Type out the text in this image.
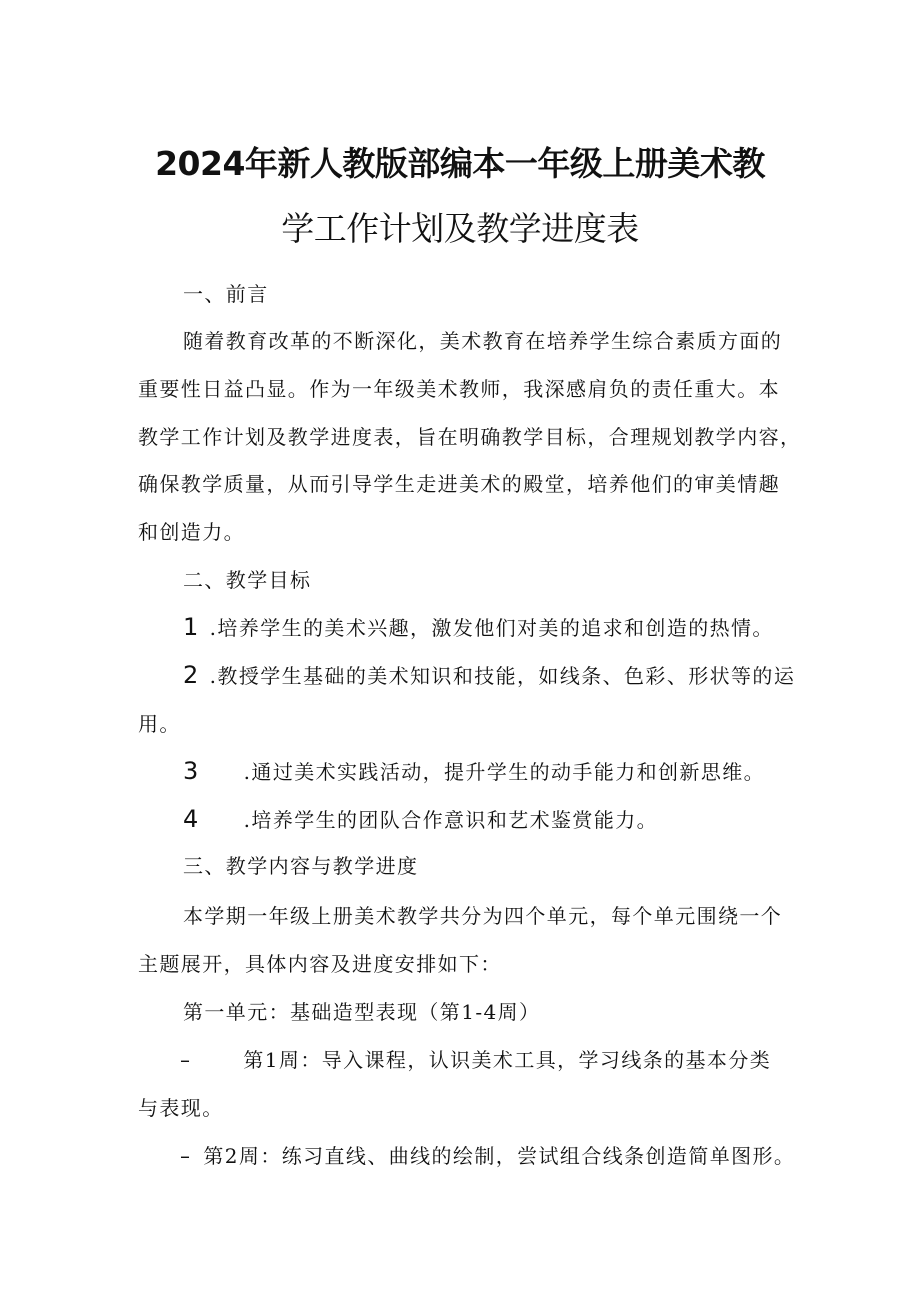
2024年新人教版部编本一年级上册美术教
学工作计划及教学进度表
一、前言
随着教育改革的不断深化，美术教育在培养学生综合素质方面的
重要性日益凸显。作为一年级美术教师，我深感肩负的责任重大。本
教学工作计划及教学进度表，旨在明确教学目标，合理规划教学内容，
确保教学质量，从而引导学生走进美术的殿堂，培养他们的审美情趣
和创造力。
二、教学目标
1 .培养学生的美术兴趣，激发他们对美的追求和创造的热情。
2 .教授学生基础的美术知识和技能，如线条、色彩、形状等的运
用。
3 .通过美术实践活动，提升学生的动手能力和创新思维。
4 .培养学生的团队合作意识和艺术鉴赏能力。
三、教学内容与教学进度
本学期一年级上册美术教学共分为四个单元，每个单元围绕一个
主题展开，具体内容及进度安排如下：
第一单元：基础造型表现（第1-4周）
–	第1周：导入课程，认识美术工具，学习线条的基本分类
与表现。
– 第2周：练习直线、曲线的绘制，尝试组合线条创造简单图形。
